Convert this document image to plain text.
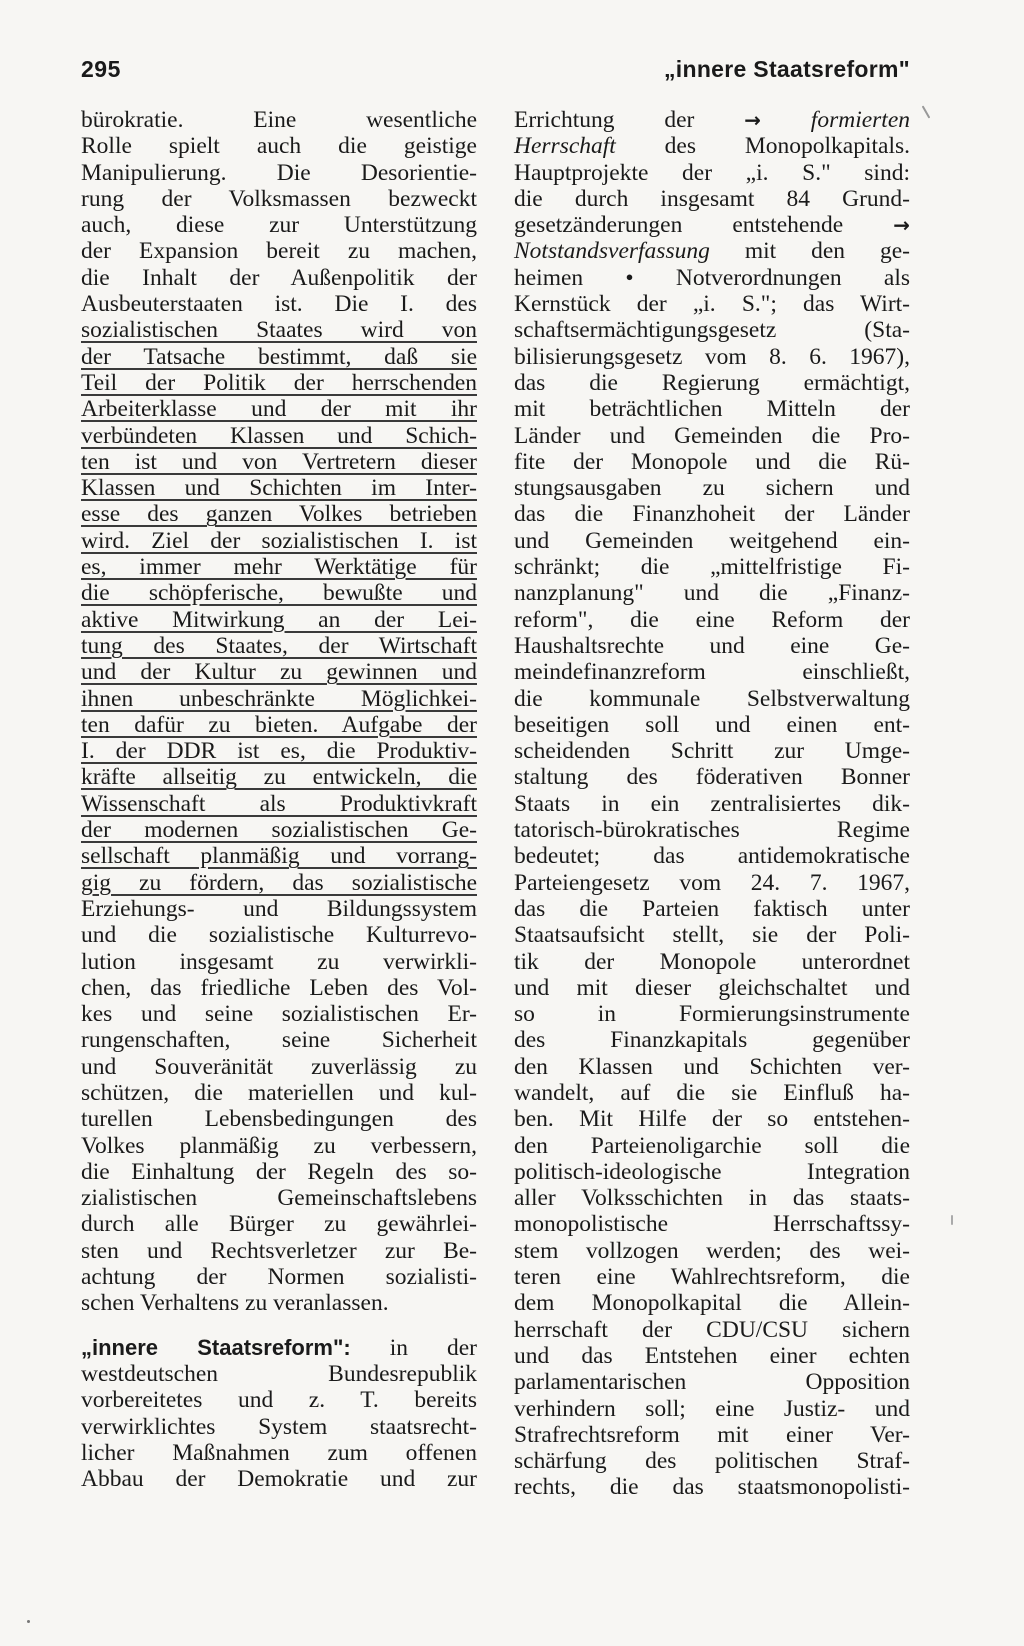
295	„innere Staatsreform"
bürokratie. Eine wesentliche
Rolle spielt auch die geistige
Manipulierung. Die Desorientie-
rung der Volksmassen bezweckt
auch, diese zur Unterstützung
der Expansion bereit zu machen,
die Inhalt der Außenpolitik der
Ausbeuterstaaten ist. Die I. des
sozialistischen Staates wird von
der Tatsache bestimmt, daß sie
Teil der Politik der herrschenden
Arbeiterklasse und der mit ihr
verbündeten Klassen und Schich-
ten ist und von Vertretern dieser
Klassen und Schichten im Inter-
esse des ganzen Volkes betrieben
wird. Ziel der sozialistischen I. ist
es, immer mehr Werktätige für
die schöpferische, bewußte und
aktive Mitwirkung an der Lei-
tung des Staates, der Wirtschaft
und der Kultur zu gewinnen und
ihnen unbeschränkte Möglichkei-
ten dafür zu bieten. Aufgabe der
I. der DDR ist es, die Produktiv-
kräfte allseitig zu entwickeln, die
Wissenschaft als Produktivkraft
der modernen sozialistischen Ge-
sellschaft planmäßig und vorrang-
gig zu fördern, das sozialistische
Erziehungs- und Bildungssystem
und die sozialistische Kulturrevo-
lution insgesamt zu verwirkli-
chen, das friedliche Leben des Vol-
kes und seine sozialistischen Er-
rungenschaften, seine Sicherheit
und Souveränität zuverlässig zu
schützen, die materiellen und kul-
turellen Lebensbedingungen des
Volkes planmäßig zu verbessern,
die Einhaltung der Regeln des so-
zialistischen Gemeinschaftslebens
durch alle Bürger zu gewährlei-
sten und Rechtsverletzer zur Be-
achtung der Normen sozialisti-
schen Verhaltens zu veranlassen.
„innere Staatsreform": in der
westdeutschen Bundesrepublik
vorbereitetes und z. T. bereits
verwirklichtes System staatsrecht-
licher Maßnahmen zum offenen
Abbau der Demokratie und zur
Errichtung der → formierten
Herrschaft des Monopolkapitals.
Hauptprojekte der „i. S." sind:
die durch insgesamt 84 Grund-
gesetzänderungen entstehende →
Notstandsverfassung mit den ge-
heimen • Notverordnungen als
Kernstück der „i. S."; das Wirt-
schaftsermächtigungsgesetz (Sta-
bilisierungsgesetz vom 8. 6. 1967),
das die Regierung ermächtigt,
mit beträchtlichen Mitteln der
Länder und Gemeinden die Pro-
fite der Monopole und die Rü-
stungsausgaben zu sichern und
das die Finanzhoheit der Länder
und Gemeinden weitgehend ein-
schränkt; die „mittelfristige Fi-
nanzplanung" und die „Finanz-
reform", die eine Reform der
Haushaltsrechte und eine Ge-
meindefinanzreform einschließt,
die kommunale Selbstverwaltung
beseitigen soll und einen ent-
scheidenden Schritt zur Umge-
staltung des föderativen Bonner
Staats in ein zentralisiertes dik-
tatorisch-bürokratisches Regime
bedeutet; das antidemokratische
Parteiengesetz vom 24. 7. 1967,
das die Parteien faktisch unter
Staatsaufsicht stellt, sie der Poli-
tik der Monopole unterordnet
und mit dieser gleichschaltet und
so in Formierungsinstrumente
des Finanzkapitals gegenüber
den Klassen und Schichten ver-
wandelt, auf die sie Einfluß ha-
ben. Mit Hilfe der so entstehen-
den Parteienoligarchie soll die
politisch-ideologische Integration
aller Volksschichten in das staats-
monopolistische Herrschaftssy-
stem vollzogen werden; des wei-
teren eine Wahlrechtsreform, die
dem Monopolkapital die Allein-
herrschaft der CDU/CSU sichern
und das Entstehen einer echten
parlamentarischen Opposition
verhindern soll; eine Justiz- und
Strafrechtsreform mit einer Ver-
schärfung des politischen Straf-
rechts, die das staatsmonopolisti-
